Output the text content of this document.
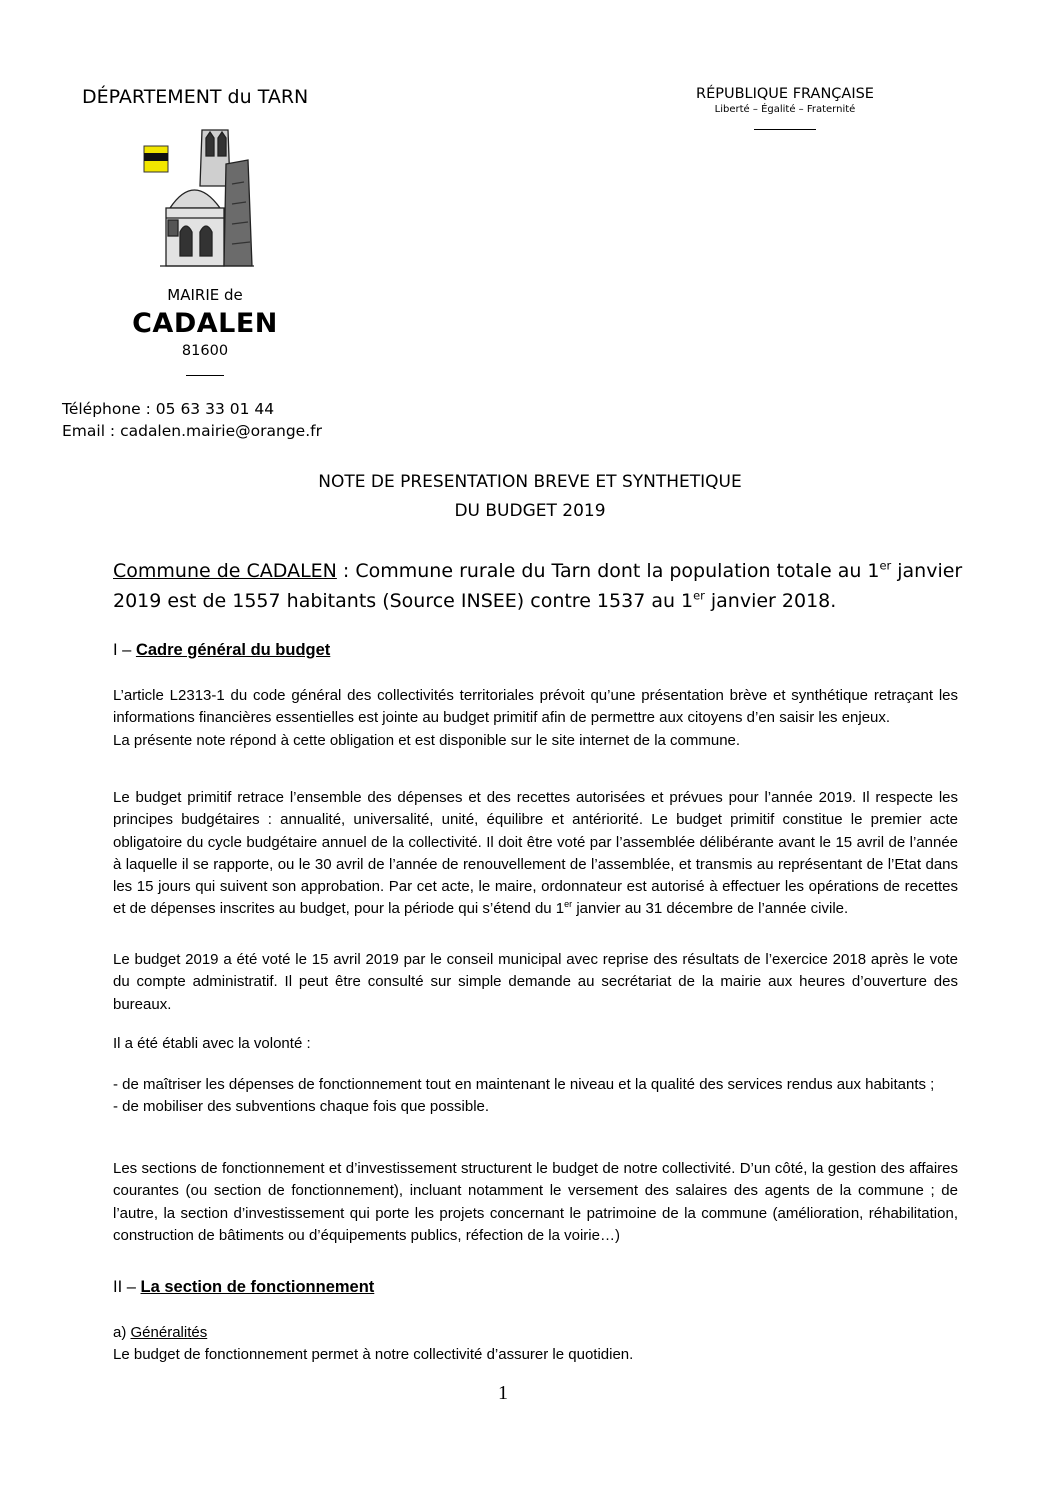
DÉPARTEMENT du TARN	RÉPUBLIQUE FRANÇAISE
Liberté – Égalité – Fraternité
MAIRIE de
CADALEN
81600
Téléphone : 05 63 33 01 44
Email : cadalen.mairie@orange.fr
NOTE DE PRESENTATION BREVE ET SYNTHETIQUE
DU BUDGET 2019
Commune de CADALEN : Commune rurale du Tarn dont la population totale au 1er janvier 2019 est de 1557 habitants (Source INSEE) contre 1537 au 1er janvier 2018.
I – Cadre général du budget

L’article L2313-1 du code général des collectivités territoriales prévoit qu’une présentation brève et synthétique retraçant les informations financières essentielles est jointe au budget primitif afin de permettre aux citoyens d’en saisir les enjeux.

La présente note répond à cette obligation et est disponible sur le site internet de la commune.

Le budget primitif retrace l’ensemble des dépenses et des recettes autorisées et prévues pour l’année 2019. Il respecte les principes budgétaires : annualité, universalité, unité, équilibre et antériorité. Le budget primitif constitue le premier acte obligatoire du cycle budgétaire annuel de la collectivité. Il doit être voté par l’assemblée délibérante avant le 15 avril de l’année à laquelle il se rapporte, ou le 30 avril de l’année de renouvellement de l’assemblée, et transmis au représentant de l’Etat dans les 15 jours qui suivent son approbation. Par cet acte, le maire, ordonnateur est autorisé à effectuer les opérations de recettes et de dépenses inscrites au budget, pour la période qui s’étend du 1er janvier au 31 décembre de l’année civile.
Le budget 2019 a été voté le 15 avril 2019 par le conseil municipal avec reprise des résultats de l’exercice 2018 après le vote du compte administratif. Il peut être consulté sur simple demande au secrétariat de la mairie aux heures d’ouverture des bureaux.
Il a été établi avec la volonté :

- de maîtriser les dépenses de fonctionnement tout en maintenant le niveau et la qualité des services rendus aux habitants ;

- de mobiliser des subventions chaque fois que possible.

Les sections de fonctionnement et d’investissement structurent le budget de notre collectivité. D’un côté, la gestion des affaires courantes (ou section de fonctionnement), incluant notamment le versement des salaires des agents de la commune ; de l’autre, la section d’investissement qui porte les projets concernant le patrimoine de la commune (amélioration, réhabilitation, construction de bâtiments ou d’équipements publics, réfection de la voirie…)
II – La section de fonctionnement

a) Généralités

Le budget de fonctionnement permet à notre collectivité d’assurer le quotidien.

1
